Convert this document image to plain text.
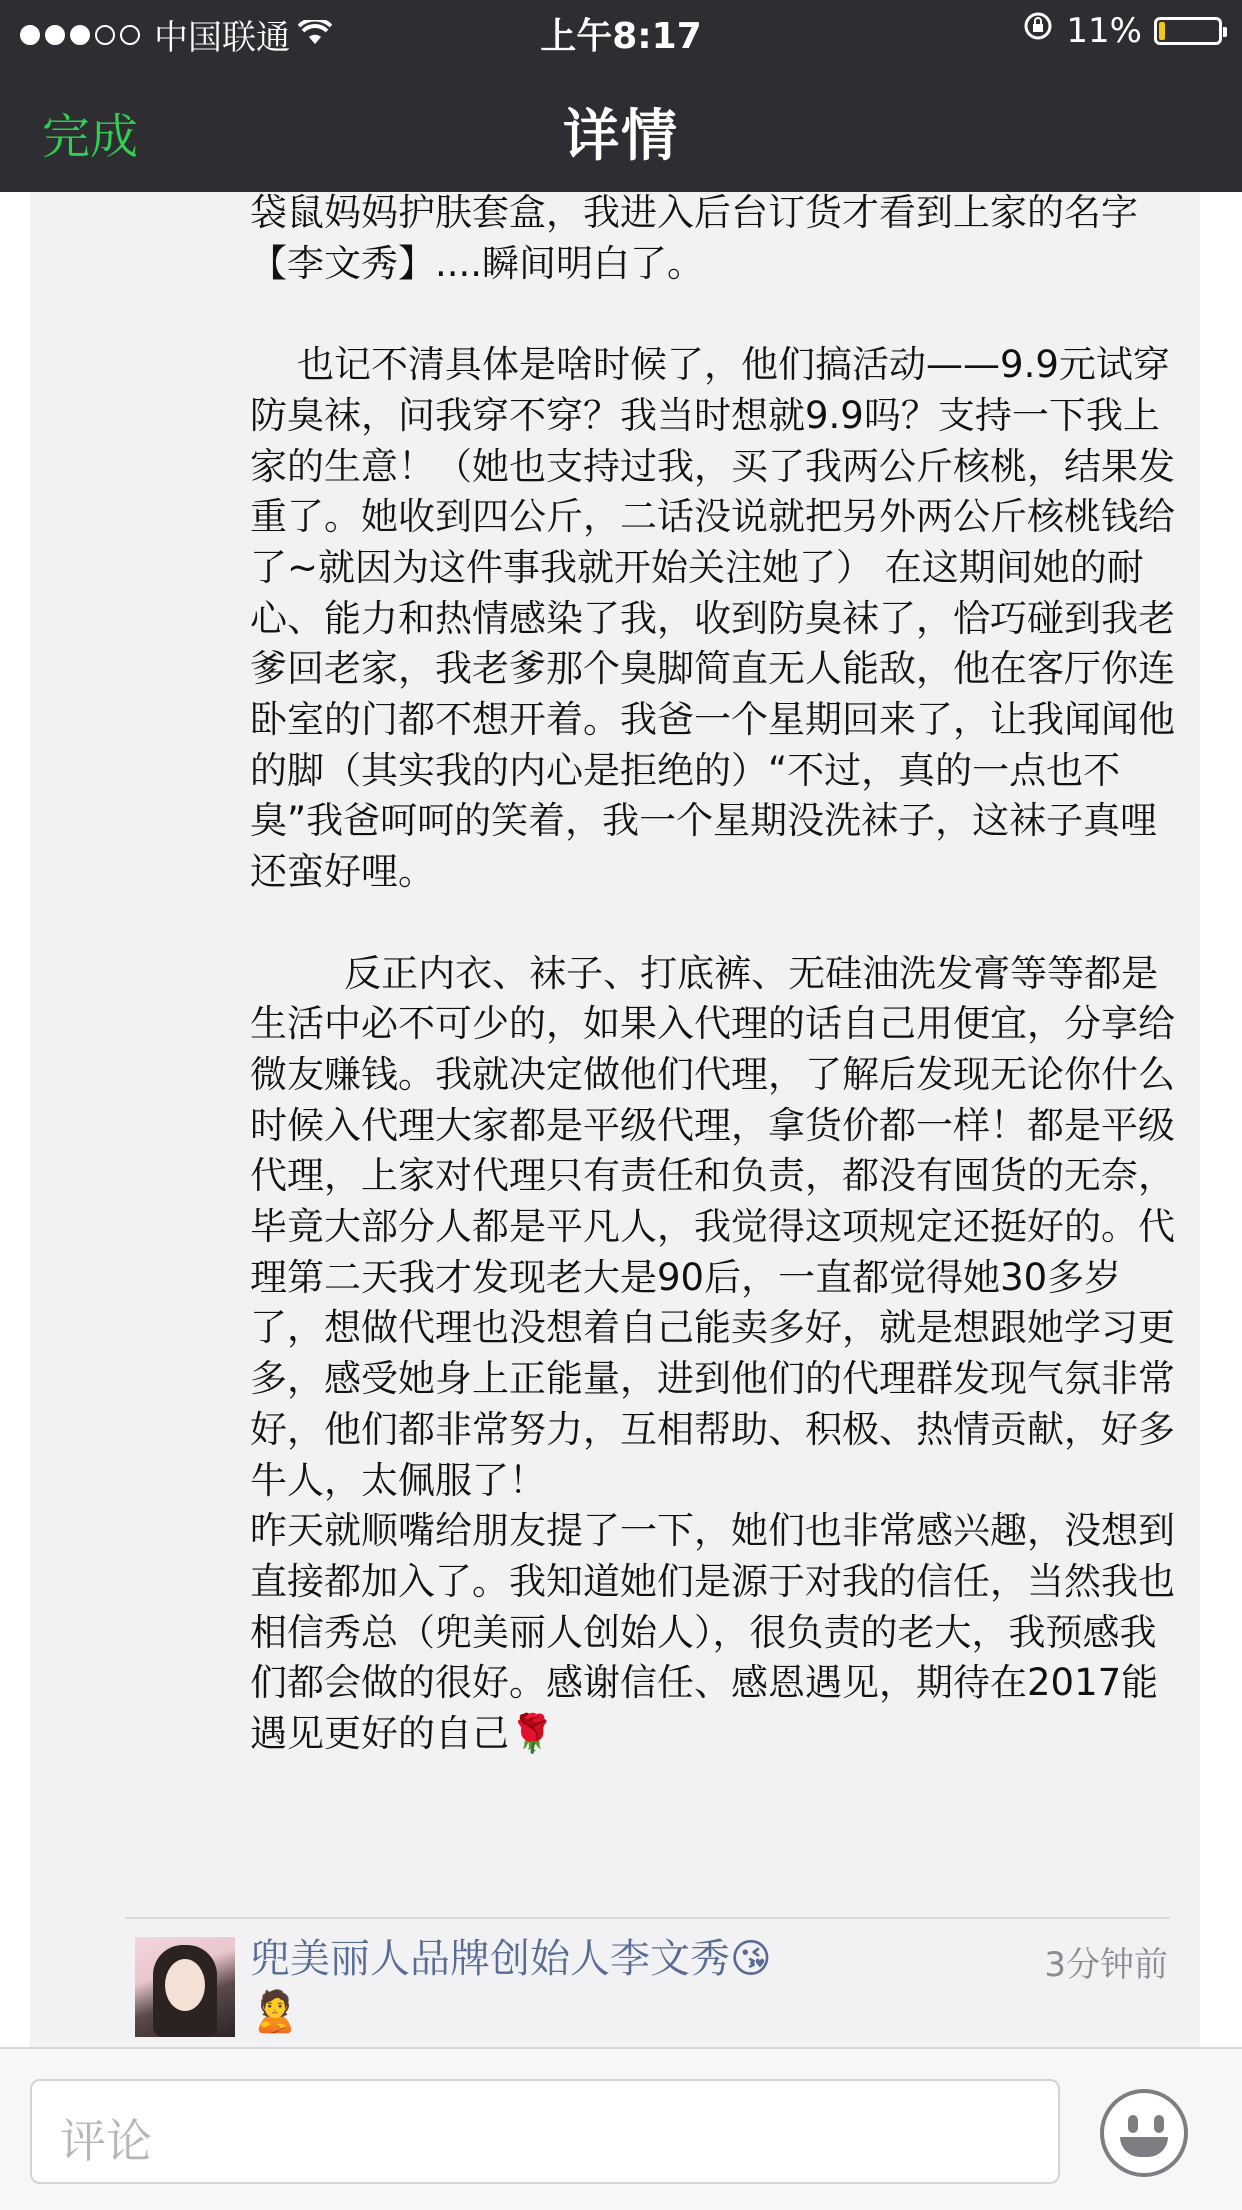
中国联通	上午8:17	11%
完成	详情
袋鼠妈妈护肤套盒，我进入后台订货才看到上家的名字【李文秀】....瞬间明白了。

也记不清具体是啥时候了，他们搞活动——9.9元试穿防臭袜，问我穿不穿？我当时想就9.9吗？支持一下我上家的生意！（她也支持过我，买了我两公斤核桃，结果发重了。她收到四公斤，二话没说就把另外两公斤核桃钱给了~就因为这件事我就开始关注她了） 在这期间她的耐心、能力和热情感染了我，收到防臭袜了，恰巧碰到我老爹回老家，我老爹那个臭脚简直无人能敌，他在客厅你连卧室的门都不想开着。我爸一个星期回来了，让我闻闻他的脚（其实我的内心是拒绝的）“不过，真的一点也不臭”我爸呵呵的笑着，我一个星期没洗袜子，这袜子真哩还蛮好哩。

反正内衣、袜子、打底裤、无硅油洗发膏等等都是生活中必不可少的，如果入代理的话自己用便宜，分享给微友赚钱。我就决定做他们代理，了解后发现无论你什么时候入代理大家都是平级代理，拿货价都一样！都是平级代理，上家对代理只有责任和负责，都没有囤货的无奈，毕竟大部分人都是平凡人，我觉得这项规定还挺好的。代理第二天我才发现老大是90后，一直都觉得她30多岁了，想做代理也没想着自己能卖多好，就是想跟她学习更多，感受她身上正能量，进到他们的代理群发现气氛非常好，他们都非常努力，互相帮助、积极、热情贡献，好多牛人，太佩服了！
昨天就顺嘴给朋友提了一下，她们也非常感兴趣，没想到直接都加入了。我知道她们是源于对我的信任，当然我也相信秀总（兜美丽人创始人），很负责的老大，我预感我们都会做的很好。感谢信任、感恩遇见，期待在2017能遇见更好的自己🌹
兜美丽人品牌创始人李文秀😘	3分钟前
🙎
评论
